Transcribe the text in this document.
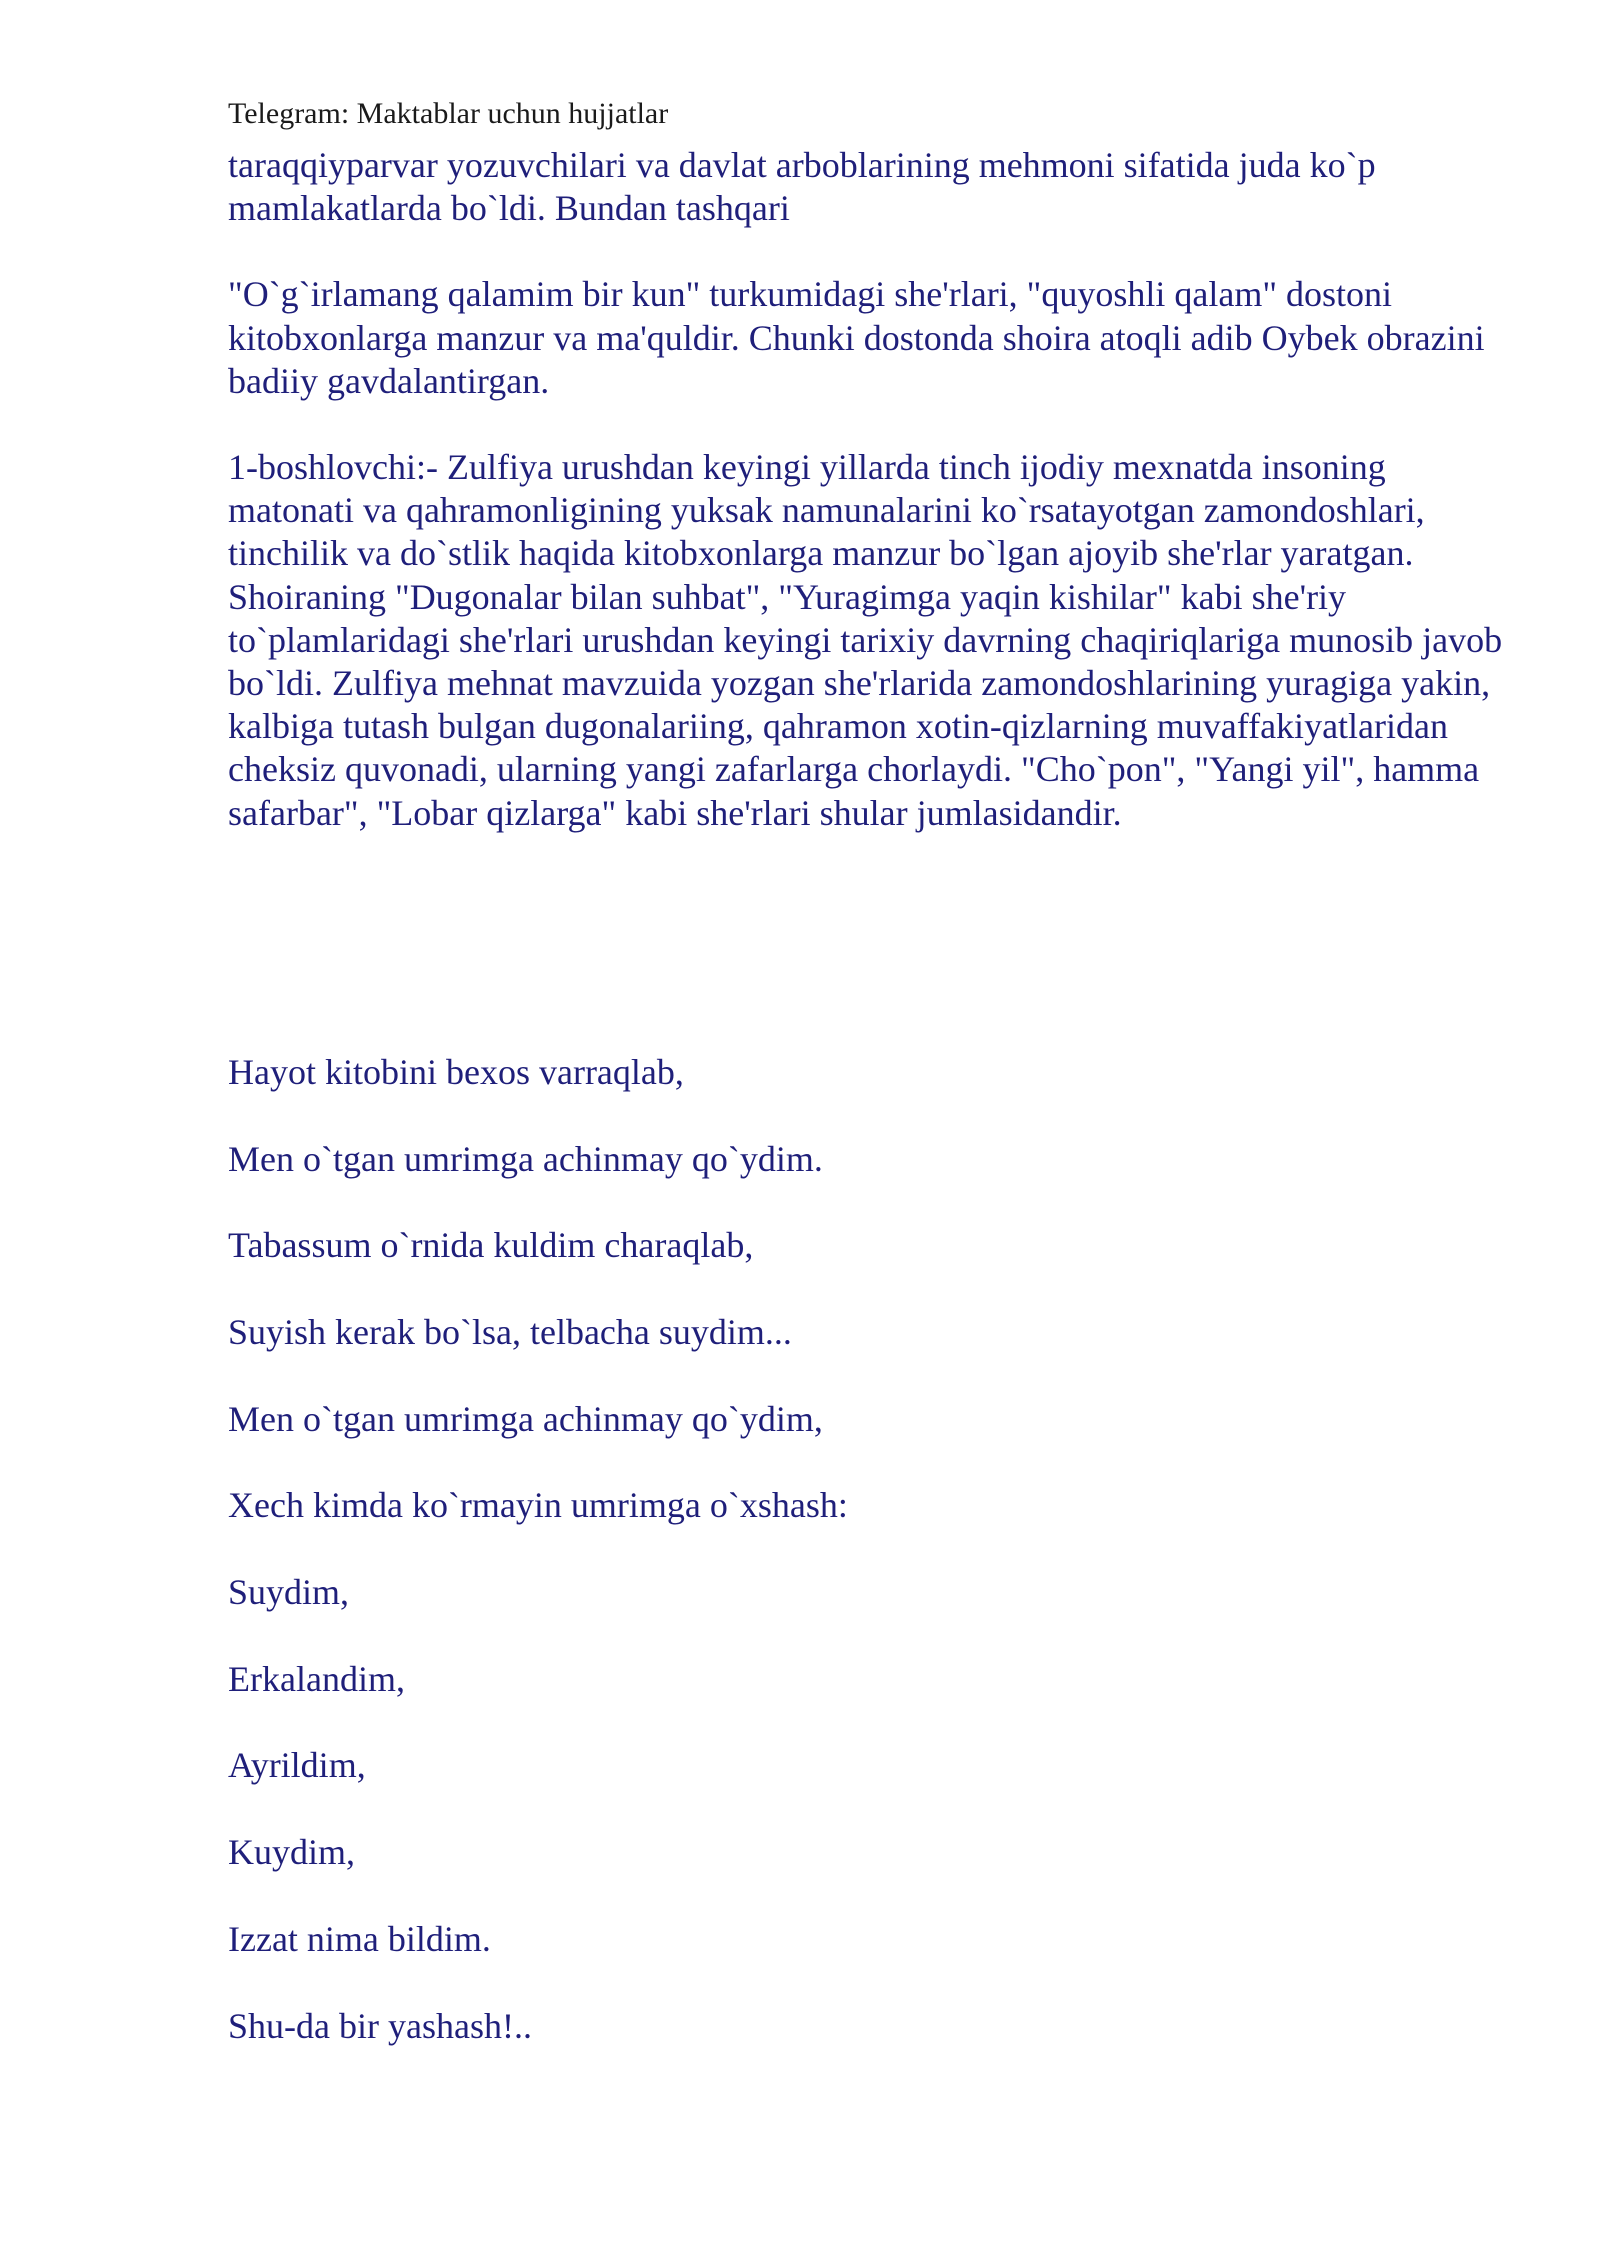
Telegram: Maktablar uchun hujjatlar

taraqqiyparvar yozuvchilari va davlat arboblarining mehmoni sifatida juda ko`p mamlakatlarda bo`ldi. Bundan tashqari

"O`g`irlamang qalamim bir kun" turkumidagi she'rlari, "quyoshli qalam" dostoni kitobxonlarga manzur va ma'quldir. Chunki dostonda shoira atoqli adib Oybek obrazini badiiy gavdalantirgan.

1-boshlovchi:- Zulfiya urushdan keyingi yillarda tinch ijodiy mexnatda insoning matonati va qahramonligining yuksak namunalarini ko`rsatayotgan zamondoshlari, tinchilik va do`stlik haqida kitobxonlarga manzur bo`lgan ajoyib she'rlar yaratgan. Shoiraning "Dugonalar bilan suhbat", "Yuragimga yaqin kishilar" kabi she'riy to`plamlaridagi she'rlari urushdan keyingi tarixiy davrning chaqiriqlariga munosib javob bo`ldi. Zulfiya mehnat mavzuida yozgan she'rlarida zamondoshlarining yuragiga yakin, kalbiga tutash bulgan dugonalariing, qahramon xotin-qizlarning muvaffakiyatlaridan cheksiz quvonadi, ularning yangi zafarlarga chorlaydi. "Cho`pon", "Yangi yil", hamma safarbar", "Lobar qizlarga" kabi she'rlari shular jumlasidandir.

Hayot kitobini bexos varraqlab,

Men o`tgan umrimga achinmay qo`ydim.

Tabassum o`rnida kuldim charaqlab,

Suyish kerak bo`lsa, telbacha suydim...

Men o`tgan umrimga achinmay qo`ydim,

Xech kimda ko`rmayin umrimga o`xshash:

Suydim,

Erkalandim,

Ayrildim,

Kuydim,

Izzat nima bildim.

Shu-da bir yashash!..
